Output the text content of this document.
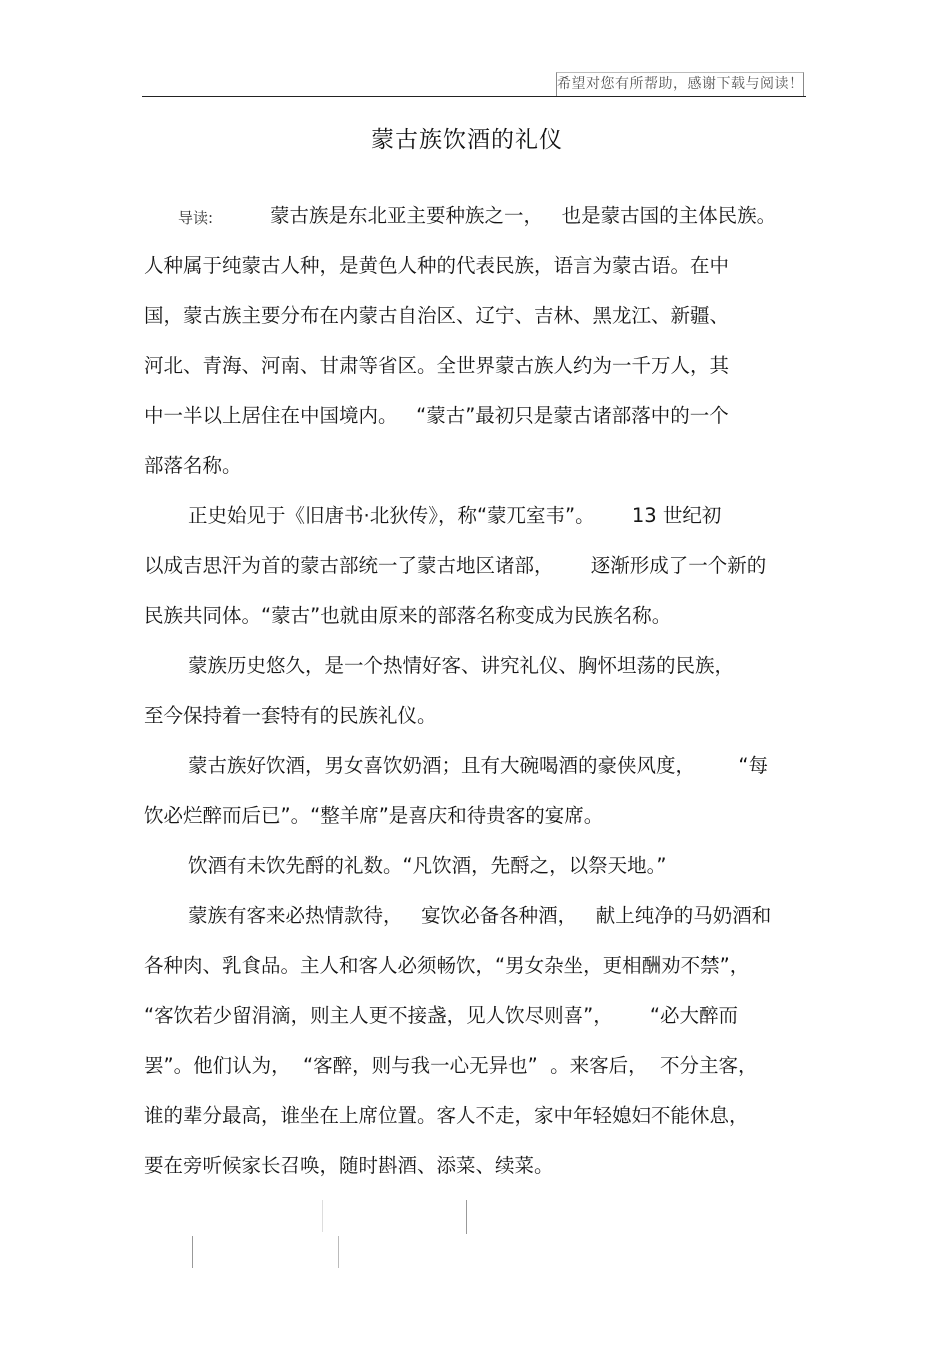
希望对您有所帮助，感谢下载与阅读！
蒙古族饮酒的礼仪
导读:	蒙古族是东北亚主要种族之一，   也是蒙古国的主体民族。
人种属于纯蒙古人种，是黄色人种的代表民族，语言为蒙古语。在中
国，蒙古族主要分布在内蒙古自治区、辽宁、吉林、黑龙江、新疆、
河北、青海、河南、甘肃等省区。全世界蒙古族人约为一千万人，其
中一半以上居住在中国境内。   “蒙古”最初只是蒙古诸部落中的一个
部落名称。
正史始见于《旧唐书·北狄传》，称“蒙兀室韦”。      13 世纪初
以成吉思汗为首的蒙古部统一了蒙古地区诸部，      逐渐形成了一个新的
民族共同体。“蒙古”也就由原来的部落名称变成为民族名称。
蒙族历史悠久，是一个热情好客、讲究礼仪、胸怀坦荡的民族，
至今保持着一套特有的民族礼仪。
蒙古族好饮酒，男女喜饮奶酒；且有大碗喝酒的豪侠风度，       “每
饮必烂醉而后已”。“整羊席”是喜庆和待贵客的宴席。
饮酒有未饮先酹的礼数。“凡饮酒，先酹之，以祭天地。”
蒙族有客来必热情款待，   宴饮必备各种酒，   献上纯净的马奶酒和
各种肉、乳食品。主人和客人必须畅饮，“男女杂坐，更相酬劝不禁”，
“客饮若少留涓滴，则主人更不接盏，见人饮尽则喜”，      “必大醉而
罢”。他们认为，  “客醉，则与我一心无异也”  。来客后，  不分主客，
谁的辈分最高，谁坐在上席位置。客人不走，家中年轻媳妇不能休息，
要在旁听候家长召唤，随时斟酒、添菜、续菜。
